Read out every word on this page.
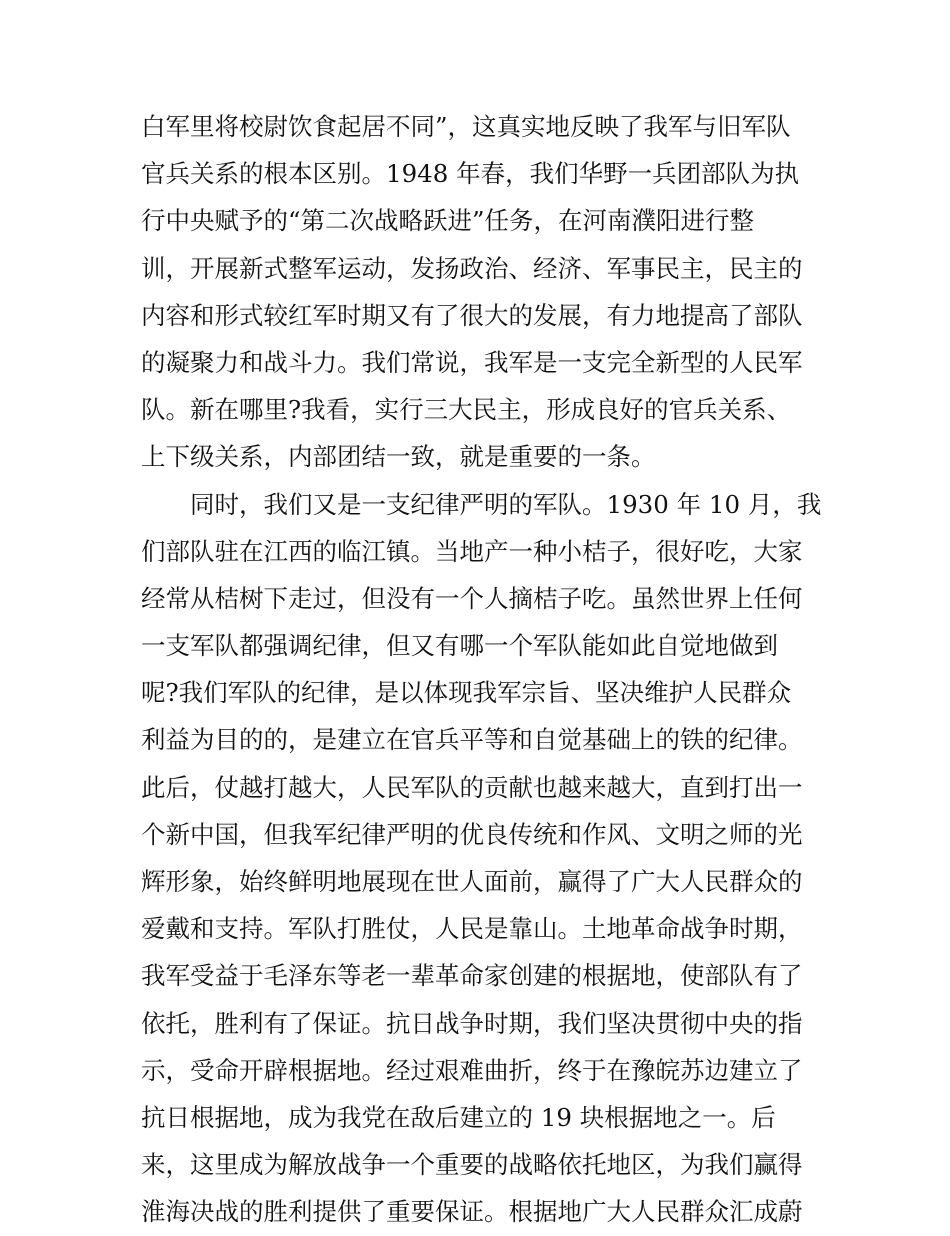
白军里将校尉饮食起居不同”，这真实地反映了我军与旧军队
官兵关系的根本区别。1948 年春，我们华野一兵团部队为执
行中央赋予的“第二次战略跃进”任务，在河南濮阳进行整
训，开展新式整军运动，发扬政治、经济、军事民主，民主的
内容和形式较红军时期又有了很大的发展，有力地提高了部队
的凝聚力和战斗力。我们常说，我军是一支完全新型的人民军
队。新在哪里?我看，实行三大民主，形成良好的官兵关系、
上下级关系，内部团结一致，就是重要的一条。
同时，我们又是一支纪律严明的军队。1930 年 10 月，我
们部队驻在江西的临江镇。当地产一种小桔子，很好吃，大家
经常从桔树下走过，但没有一个人摘桔子吃。虽然世界上任何
一支军队都强调纪律，但又有哪一个军队能如此自觉地做到
呢?我们军队的纪律，是以体现我军宗旨、坚决维护人民群众
利益为目的的，是建立在官兵平等和自觉基础上的铁的纪律。
此后，仗越打越大，人民军队的贡献也越来越大，直到打出一
个新中国，但我军纪律严明的优良传统和作风、文明之师的光
辉形象，始终鲜明地展现在世人面前，赢得了广大人民群众的
爱戴和支持。军队打胜仗，人民是靠山。土地革命战争时期，
我军受益于毛泽东等老一辈革命家创建的根据地，使部队有了
依托，胜利有了保证。抗日战争时期，我们坚决贯彻中央的指
示，受命开辟根据地。经过艰难曲折，终于在豫皖苏边建立了
抗日根据地，成为我党在敌后建立的 19 块根据地之一。后
来，这里成为解放战争一个重要的战略依托地区，为我们赢得
淮海决战的胜利提供了重要保证。根据地广大人民群众汇成蔚
